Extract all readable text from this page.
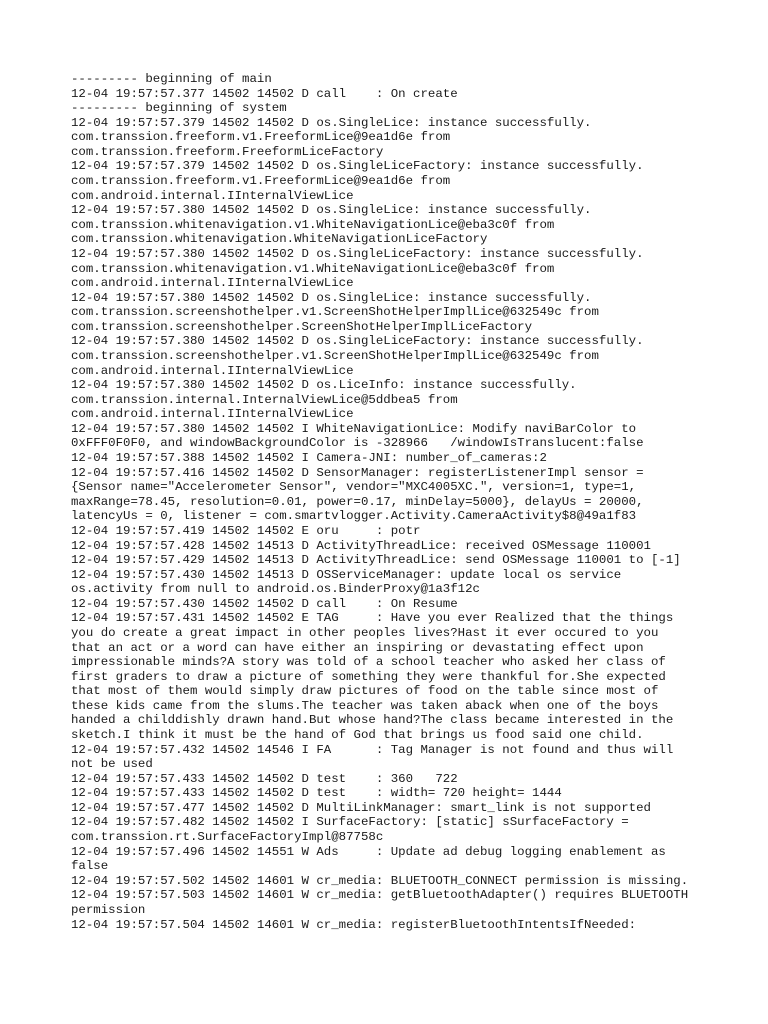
--------- beginning of main

12-04 19:57:57.377 14502 14502 D call    : On create

--------- beginning of system

12-04 19:57:57.379 14502 14502 D os.SingleLice: instance successfully.

com.transsion.freeform.v1.FreeformLice@9ea1d6e from

com.transsion.freeform.FreeformLiceFactory

12-04 19:57:57.379 14502 14502 D os.SingleLiceFactory: instance successfully.

com.transsion.freeform.v1.FreeformLice@9ea1d6e from

com.android.internal.IInternalViewLice

12-04 19:57:57.380 14502 14502 D os.SingleLice: instance successfully.

com.transsion.whitenavigation.v1.WhiteNavigationLice@eba3c0f from

com.transsion.whitenavigation.WhiteNavigationLiceFactory

12-04 19:57:57.380 14502 14502 D os.SingleLiceFactory: instance successfully.

com.transsion.whitenavigation.v1.WhiteNavigationLice@eba3c0f from

com.android.internal.IInternalViewLice

12-04 19:57:57.380 14502 14502 D os.SingleLice: instance successfully.

com.transsion.screenshothelper.v1.ScreenShotHelperImplLice@632549c from

com.transsion.screenshothelper.ScreenShotHelperImplLiceFactory

12-04 19:57:57.380 14502 14502 D os.SingleLiceFactory: instance successfully.

com.transsion.screenshothelper.v1.ScreenShotHelperImplLice@632549c from

com.android.internal.IInternalViewLice

12-04 19:57:57.380 14502 14502 D os.LiceInfo: instance successfully.

com.transsion.internal.InternalViewLice@5ddbea5 from

com.android.internal.IInternalViewLice

12-04 19:57:57.380 14502 14502 I WhiteNavigationLice: Modify naviBarColor to

0xFFF0F0F0, and windowBackgroundColor is -328966   /windowIsTranslucent:false

12-04 19:57:57.388 14502 14502 I Camera-JNI: number_of_cameras:2

12-04 19:57:57.416 14502 14502 D SensorManager: registerListenerImpl sensor =

{Sensor name="Accelerometer Sensor", vendor="MXC4005XC.", version=1, type=1,

maxRange=78.45, resolution=0.01, power=0.17, minDelay=5000}, delayUs = 20000,

latencyUs = 0, listener = com.smartvlogger.Activity.CameraActivity$8@49a1f83

12-04 19:57:57.419 14502 14502 E oru     : potr

12-04 19:57:57.428 14502 14513 D ActivityThreadLice: received OSMessage 110001

12-04 19:57:57.429 14502 14513 D ActivityThreadLice: send OSMessage 110001 to [-1]

12-04 19:57:57.430 14502 14513 D OSServiceManager: update local os service

os.activity from null to android.os.BinderProxy@1a3f12c

12-04 19:57:57.430 14502 14502 D call    : On Resume

12-04 19:57:57.431 14502 14502 E TAG     : Have you ever Realized that the things

you do create a great impact in other peoples lives?Hast it ever occured to you

that an act or a word can have either an inspiring or devastating effect upon

impressionable minds?A story was told of a school teacher who asked her class of

first graders to draw a picture of something they were thankful for.She expected

that most of them would simply draw pictures of food on the table since most of

these kids came from the slums.The teacher was taken aback when one of the boys

handed a childdishly drawn hand.But whose hand?The class became interested in the

sketch.I think it must be the hand of God that brings us food said one child.

12-04 19:57:57.432 14502 14546 I FA      : Tag Manager is not found and thus will

not be used

12-04 19:57:57.433 14502 14502 D test    : 360   722

12-04 19:57:57.433 14502 14502 D test    : width= 720 height= 1444

12-04 19:57:57.477 14502 14502 D MultiLinkManager: smart_link is not supported

12-04 19:57:57.482 14502 14502 I SurfaceFactory: [static] sSurfaceFactory =

com.transsion.rt.SurfaceFactoryImpl@87758c

12-04 19:57:57.496 14502 14551 W Ads     : Update ad debug logging enablement as

false

12-04 19:57:57.502 14502 14601 W cr_media: BLUETOOTH_CONNECT permission is missing.

12-04 19:57:57.503 14502 14601 W cr_media: getBluetoothAdapter() requires BLUETOOTH

permission

12-04 19:57:57.504 14502 14601 W cr_media: registerBluetoothIntentsIfNeeded:
